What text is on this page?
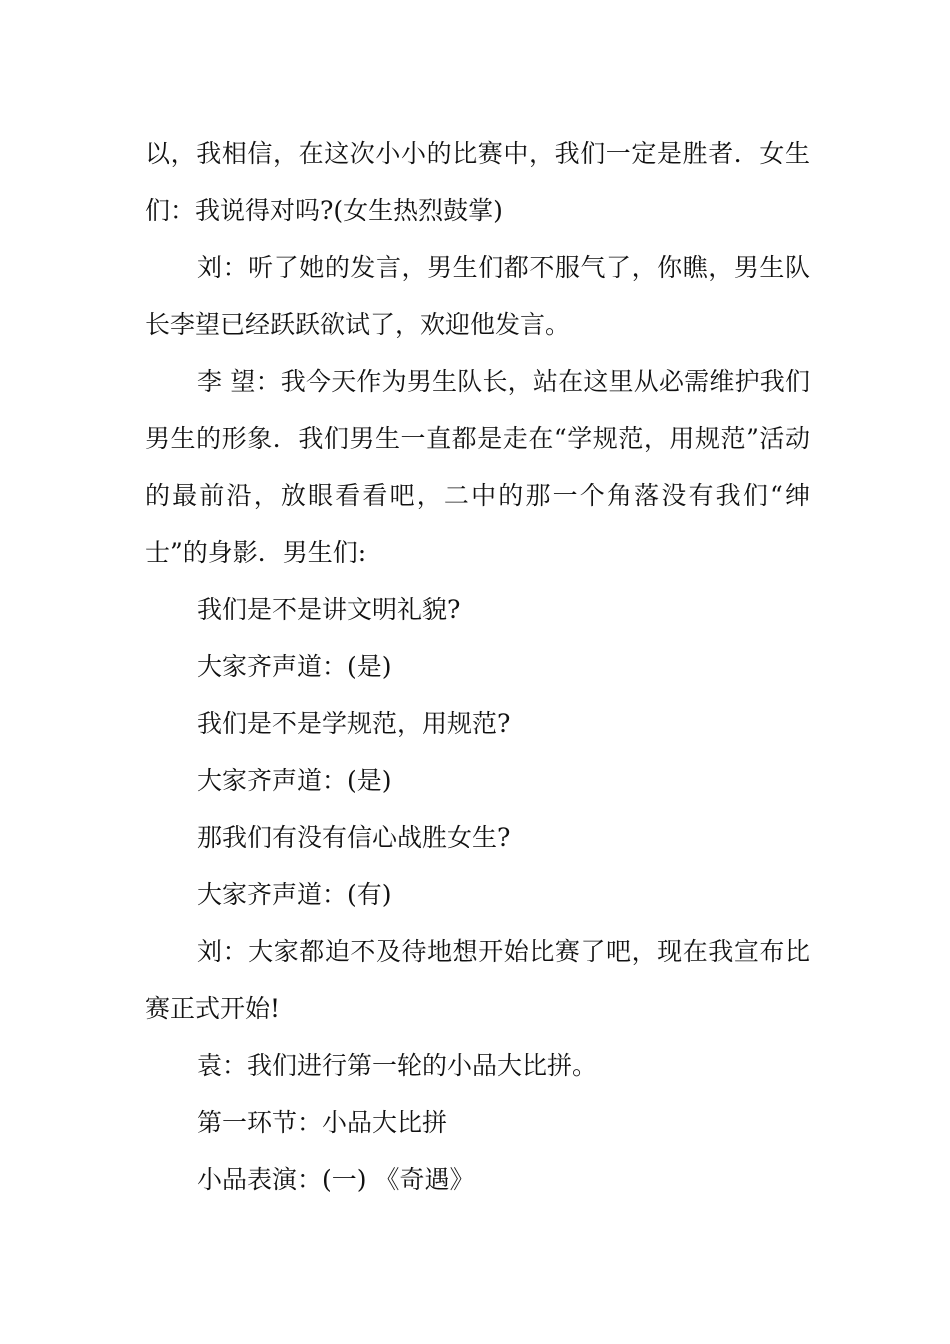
以，我相信，在这次小小的比赛中，我们一定是胜者．女生们：我说得对吗?(女生热烈鼓掌)

刘：听了她的发言，男生们都不服气了，你瞧，男生队长李望已经跃跃欲试了，欢迎他发言。

李 望：我今天作为男生队长，站在这里从必需维护我们男生的形象．我们男生一直都是走在“学规范，用规范”活动的最前沿，放眼看看吧，二中的那一个角落没有我们“绅士”的身影．男生们:

我们是不是讲文明礼貌?

大家齐声道：(是)

我们是不是学规范，用规范?

大家齐声道：(是)

那我们有没有信心战胜女生?

大家齐声道：(有)

刘：大家都迫不及待地想开始比赛了吧，现在我宣布比赛正式开始!

袁：我们进行第一轮的小品大比拼。

第一环节：小品大比拼

小品表演：(一) 《奇遇》
